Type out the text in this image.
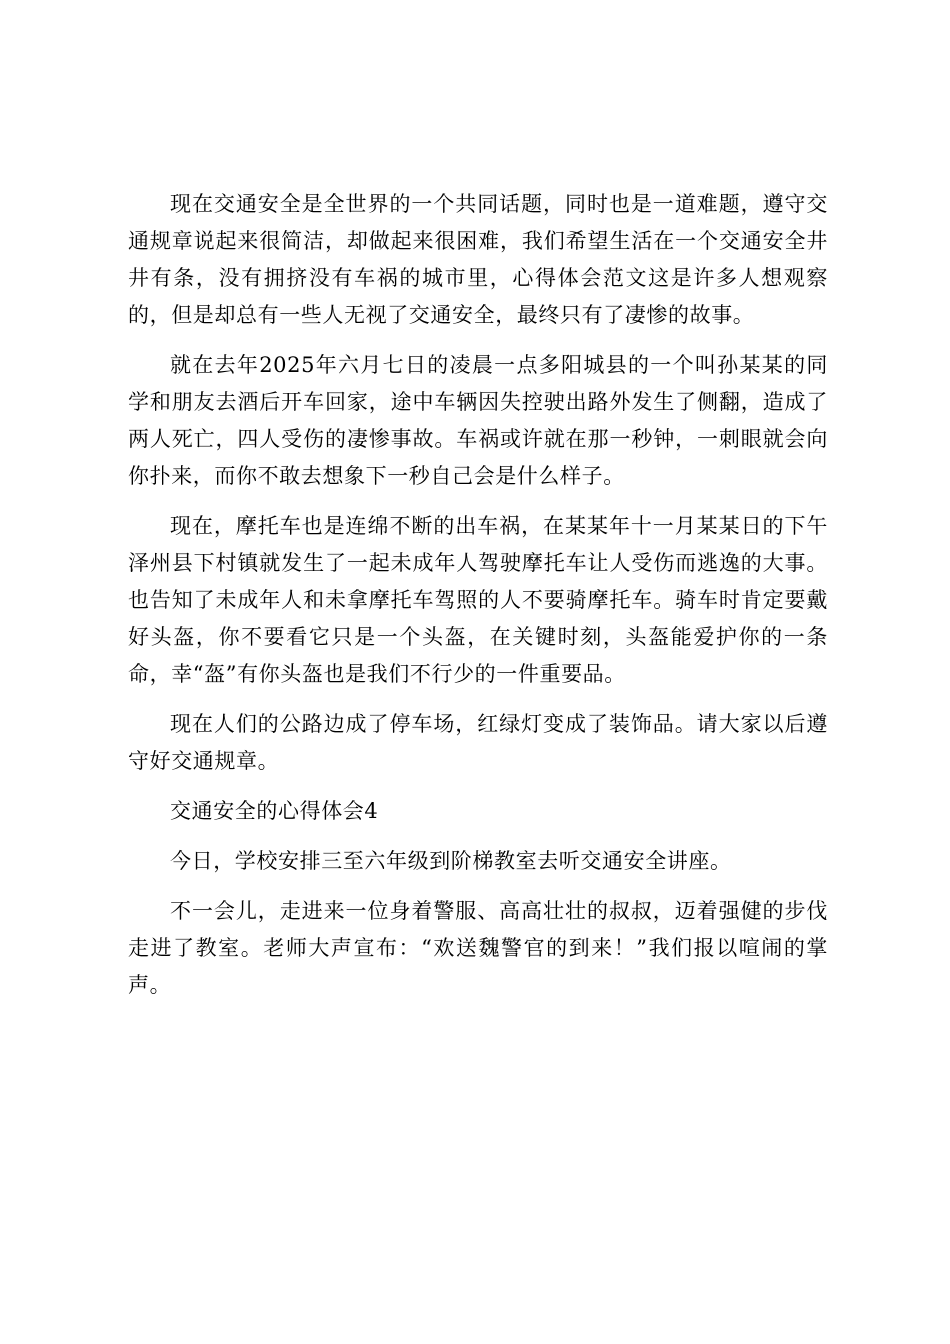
现在交通安全是全世界的一个共同话题，同时也是一道难题，遵守交通规章说起来很简洁，却做起来很困难，我们希望生活在一个交通安全井井有条，没有拥挤没有车祸的城市里，心得体会范文这是许多人想观察的，但是却总有一些人无视了交通安全，最终只有了凄惨的故事。

就在去年2025年六月七日的凌晨一点多阳城县的一个叫孙某某的同学和朋友去酒后开车回家，途中车辆因失控驶出路外发生了侧翻，造成了两人死亡，四人受伤的凄惨事故。车祸或许就在那一秒钟，一刺眼就会向你扑来，而你不敢去想象下一秒自己会是什么样子。

现在，摩托车也是连绵不断的出车祸，在某某年十一月某某日的下午泽州县下村镇就发生了一起未成年人驾驶摩托车让人受伤而逃逸的大事。也告知了未成年人和未拿摩托车驾照的人不要骑摩托车。骑车时肯定要戴好头盔，你不要看它只是一个头盔，在关键时刻，头盔能爱护你的一条命，幸“盔”有你头盔也是我们不行少的一件重要品。

现在人们的公路边成了停车场，红绿灯变成了装饰品。请大家以后遵守好交通规章。

交通安全的心得体会4

今日，学校安排三至六年级到阶梯教室去听交通安全讲座。

不一会儿，走进来一位身着警服、高高壮壮的叔叔，迈着强健的步伐走进了教室。老师大声宣布：“欢送魏警官的到来！”我们报以喧闹的掌声。
